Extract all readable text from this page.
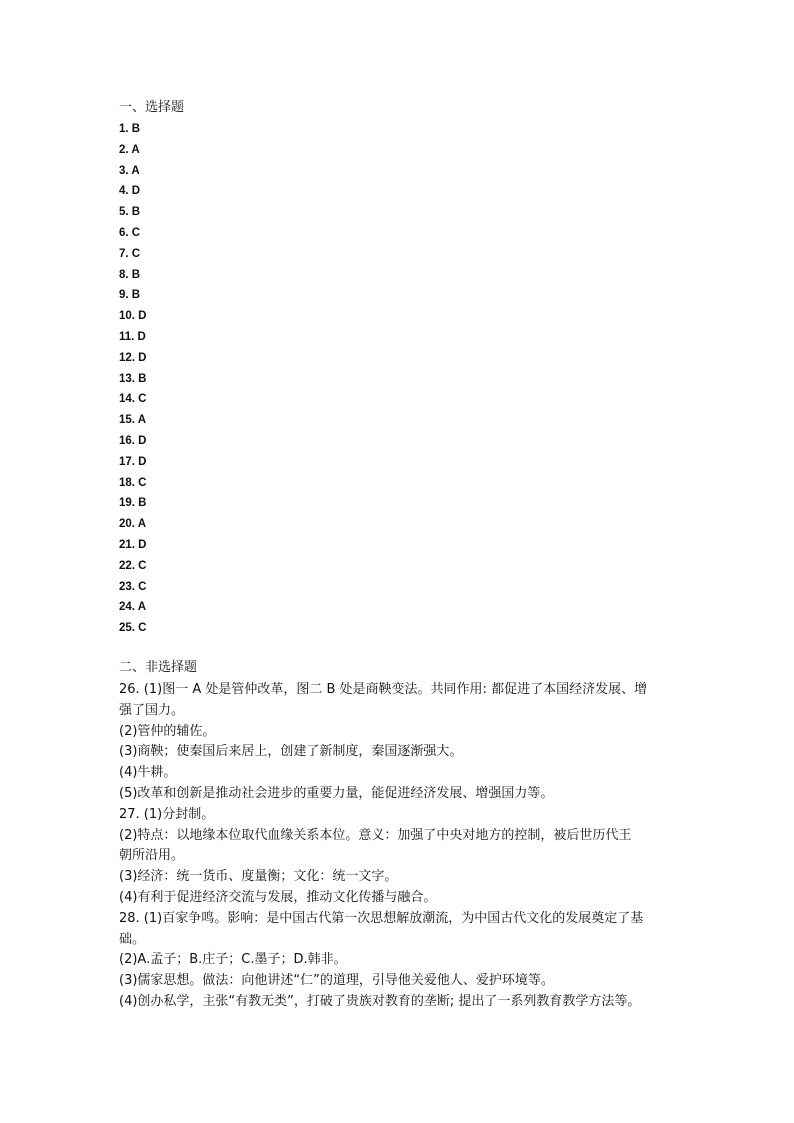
一、选择题
1. B
2. A
3. A
4. D
5. B
6. C
7. C
8. B
9. B
10. D
11. D
12. D
13. B
14. C
15. A
16. D
17. D
18. C
19. B
20. A
21. D
22. C
23. C
24. A
25. C
二、非选择题
26. (1)图一 A 处是管仲改革，图二 B 处是商鞅变法。共同作用: 都促进了本国经济发展、增
强了国力。
(2)管仲的辅佐。
(3)商鞅；使秦国后来居上，创建了新制度，秦国逐渐强大。
(4)牛耕。
(5)改革和创新是推动社会进步的重要力量，能促进经济发展、增强国力等。
27. (1)分封制。
(2)特点：以地缘本位取代血缘关系本位。意义：加强了中央对地方的控制，被后世历代王
朝所沿用。
(3)经济：统一货币、度量衡；文化：统一文字。
(4)有利于促进经济交流与发展，推动文化传播与融合。
28. (1)百家争鸣。影响：是中国古代第一次思想解放潮流，为中国古代文化的发展奠定了基
础。
(2)A.孟子；B.庄子；C.墨子；D.韩非。
(3)儒家思想。做法：向他讲述“仁”的道理，引导他关爱他人、爱护环境等。
(4)创办私学，主张“有教无类”，打破了贵族对教育的垄断; 提出了一系列教育教学方法等。
